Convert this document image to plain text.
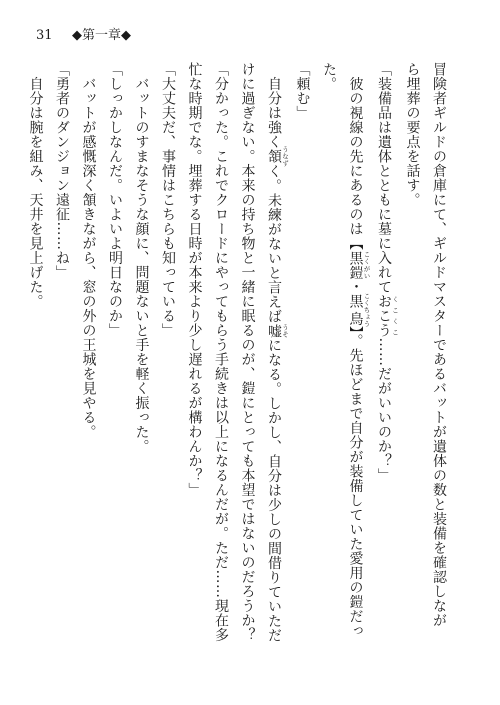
31 ◆第一章◆
冒険者ギルドの倉庫にて、ギルドマスターであるバットが遺体の数と装備を確認しなが
ら埋葬の要点を話す。
「装備品は遺体とともに墓に入れておこう くこくこ……だがいいのか？」
　彼の視線の先にあるのは【黒鎧 こくがい・黒鳥 こくちょう】。先ほどまで自分が装備していた愛用の鎧だっ
た。
「頼む」
　自分は強く頷 うなずく。未練がないと言えば嘘 うそになる。しかし、自分は少しの間借りていただ
けに過ぎない。本来の持ち物と一緒に眠るのが、鎧にとっても本望ではないのだろうか？
「分かった。これでクロードにやってもらう手続きは以上になるんだが。ただ……現在多
忙な時期でな。埋葬する日時が本来より少し遅れるが構わんか？」
「大丈夫だ、事情はこちらも知っている」
　バットのすまなそうな顔に、問題ないと手を軽く振った。
「しっかしなんだ。いよいよ明日なのか」
　バットが感慨深く頷きながら、窓の外の王城を見やる。
「勇者のダンジョン遠征……ね」
　自分は腕を組み、天井を見上げた。
